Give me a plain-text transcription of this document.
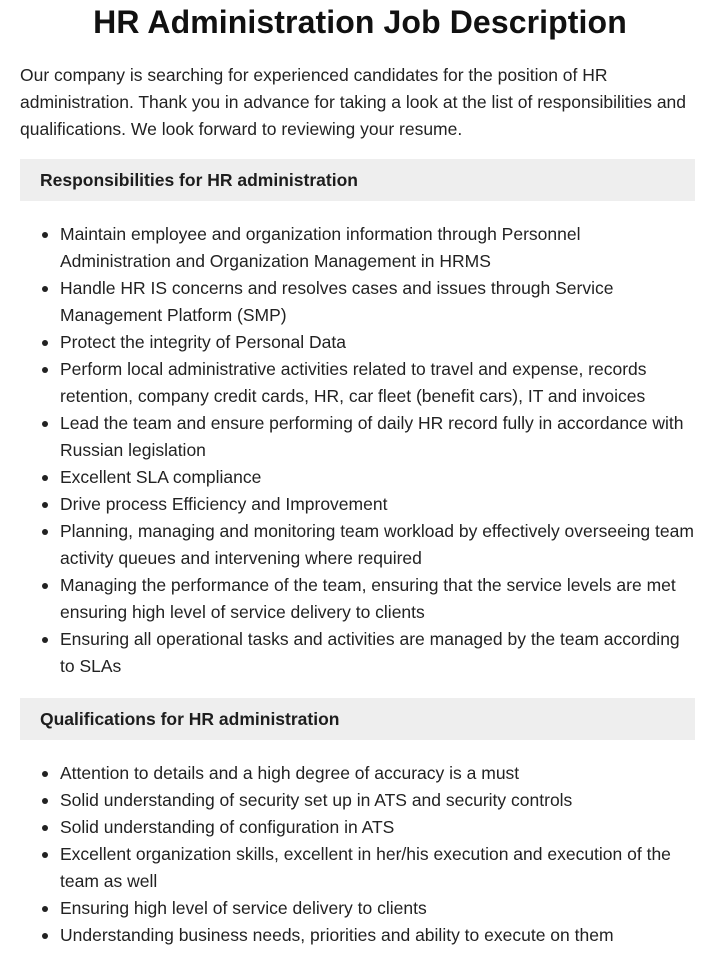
HR Administration Job Description

Our company is searching for experienced candidates for the position of HR administration. Thank you in advance for taking a look at the list of responsibilities and qualifications. We look forward to reviewing your resume.

Responsibilities for HR administration
Maintain employee and organization information through Personnel Administration and Organization Management in HRMS
Handle HR IS concerns and resolves cases and issues through Service Management Platform (SMP)
Protect the integrity of Personal Data
Perform local administrative activities related to travel and expense, records retention, company credit cards, HR, car fleet (benefit cars), IT and invoices
Lead the team and ensure performing of daily HR record fully in accordance with Russian legislation
Excellent SLA compliance
Drive process Efficiency and Improvement
Planning, managing and monitoring team workload by effectively overseeing team activity queues and intervening where required
Managing the performance of the team, ensuring that the service levels are met ensuring high level of service delivery to clients
Ensuring all operational tasks and activities are managed by the team according to SLAs
Qualifications for HR administration
Attention to details and a high degree of accuracy is a must
Solid understanding of security set up in ATS and security controls
Solid understanding of configuration in ATS
Excellent organization skills, excellent in her/his execution and execution of the team as well
Ensuring high level of service delivery to clients
Understanding business needs, priorities and ability to execute on them
